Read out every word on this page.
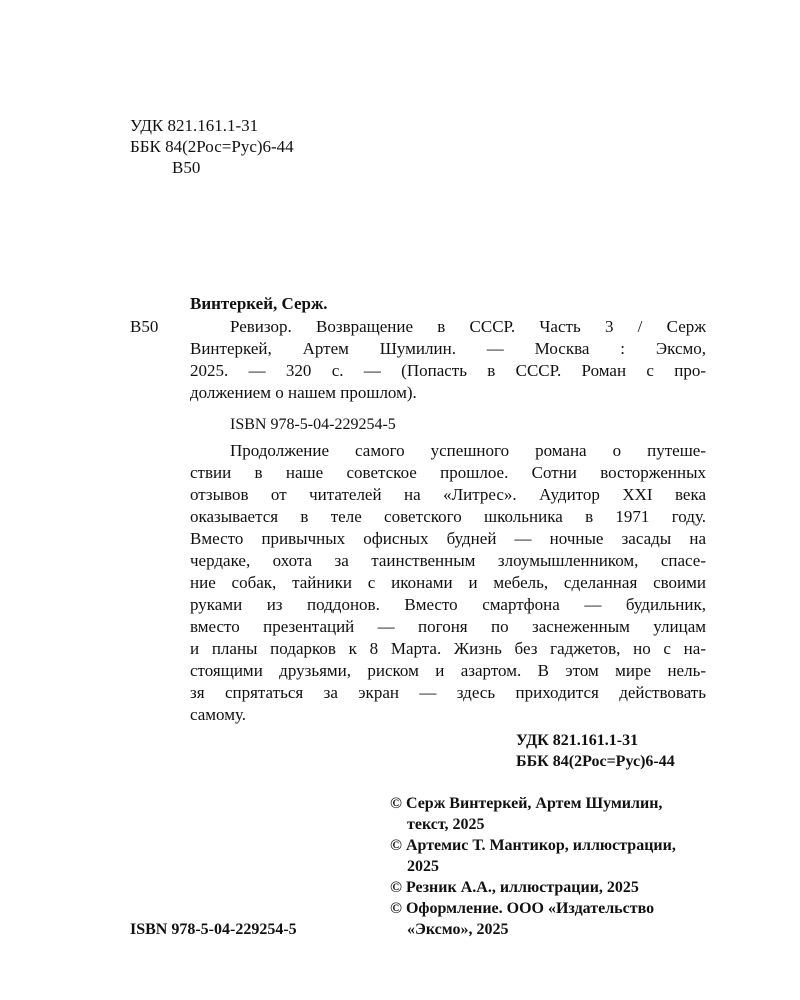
УДК 821.161.1-31
ББК 84(2Рос=Рус)6-44
В50
Винтеркей, Серж.
В50	Ревизор. Возвращение в СССР. Часть 3 / Серж
Винтеркей, Артем Шумилин. — Москва : Эксмо,
2025. — 320 с. — (Попасть в СССР. Роман с про-
должением о нашем прошлом).
ISBN 978-5-04-229254-5
Продолжение самого успешного романа о путеше-
ствии в наше советское прошлое. Сотни восторженных
отзывов от читателей на «Литрес». Аудитор XXI века
оказывается в теле советского школьника в 1971 году.
Вместо привычных офисных будней — ночные засады на
чердаке, охота за таинственным злоумышленником, спасе-
ние собак, тайники с иконами и мебель, сделанная своими
руками из поддонов. Вместо смартфона — будильник,
вместо презентаций — погоня по заснеженным улицам
и планы подарков к 8 Марта. Жизнь без гаджетов, но с на-
стоящими друзьями, риском и азартом. В этом мире нель-
зя спрятаться за экран — здесь приходится действовать
самому.
УДК 821.161.1-31
ББК 84(2Рос=Рус)6-44
© Серж Винтеркей, Артем Шумилин,
текст, 2025
© Артемис Т. Мантикор, иллюстрации,
2025
© Резник А.А., иллюстрации, 2025
© Оформление. ООО «Издательство
«Эксмо», 2025
ISBN 978-5-04-229254-5
